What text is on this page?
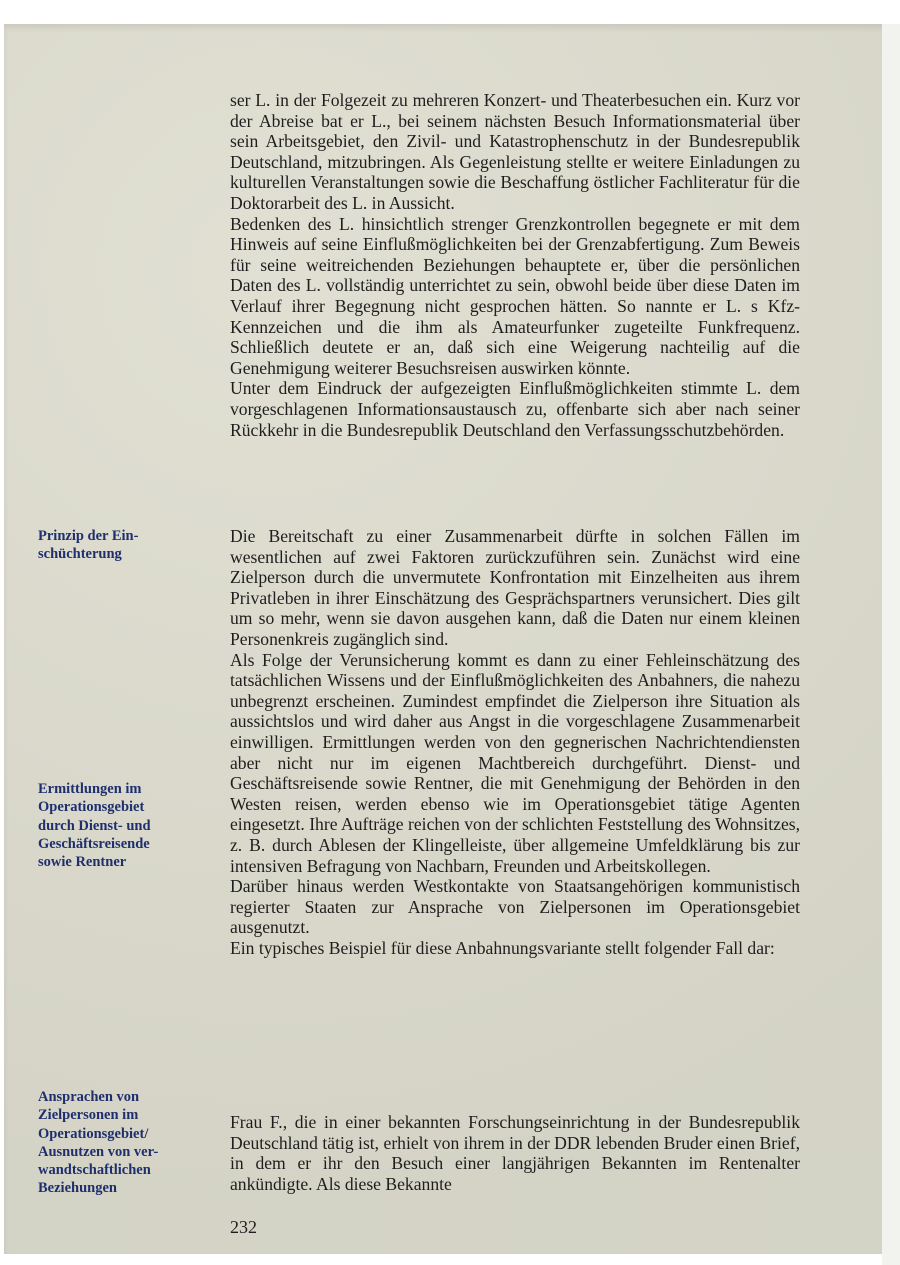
ser L. in der Folgezeit zu mehreren Konzert- und Theaterbesuchen ein. Kurz vor der Abreise bat er L., bei seinem nächsten Besuch Informationsmaterial über sein Arbeitsgebiet, den Zivil- und Katastrophenschutz in der Bundesrepublik Deutschland, mitzubringen. Als Gegenleistung stellte er weitere Einladungen zu kulturellen Veranstaltungen sowie die Beschaffung östlicher Fachliteratur für die Doktorarbeit des L. in Aussicht.

Bedenken des L. hinsichtlich strenger Grenzkontrollen begegnete er mit dem Hinweis auf seine Einflußmöglichkeiten bei der Grenzabfertigung. Zum Beweis für seine weitreichenden Beziehungen behauptete er, über die persönlichen Daten des L. vollständig unterrichtet zu sein, obwohl beide über diese Daten im Verlauf ihrer Begegnung nicht gesprochen hätten. So nannte er L. s Kfz-Kennzeichen und die ihm als Amateurfunker zugeteilte Funkfrequenz. Schließlich deutete er an, daß sich eine Weigerung nachteilig auf die Genehmigung weiterer Besuchsreisen auswirken könnte.

Unter dem Eindruck der aufgezeigten Einflußmöglichkeiten stimmte L. dem vorgeschlagenen Informationsaustausch zu, offenbarte sich aber nach seiner Rückkehr in die Bundesrepublik Deutschland den Verfassungsschutzbehörden.

Die Bereitschaft zu einer Zusammenarbeit dürfte in solchen Fällen im wesentlichen auf zwei Faktoren zurückzuführen sein. Zunächst wird eine Zielperson durch die unvermutete Konfrontation mit Einzelheiten aus ihrem Privatleben in ihrer Einschätzung des Gesprächspartners verunsichert. Dies gilt um so mehr, wenn sie davon ausgehen kann, daß die Daten nur einem kleinen Personenkreis zugänglich sind.

Als Folge der Verunsicherung kommt es dann zu einer Fehleinschätzung des tatsächlichen Wissens und der Einflußmöglichkeiten des Anbahners, die nahezu unbegrenzt erscheinen. Zumindest empfindet die Zielperson ihre Situation als aussichtslos und wird daher aus Angst in die vorgeschlagene Zusammenarbeit einwilligen. Ermittlungen werden von den gegnerischen Nachrichtendiensten aber nicht nur im eigenen Machtbereich durchgeführt. Dienst- und Geschäftsreisende sowie Rentner, die mit Genehmigung der Behörden in den Westen reisen, werden ebenso wie im Operationsgebiet tätige Agenten eingesetzt. Ihre Aufträge reichen von der schlichten Feststellung des Wohnsitzes, z. B. durch Ablesen der Klingelleiste, über allgemeine Umfeldklärung bis zur intensiven Befragung von Nachbarn, Freunden und Arbeitskollegen.

Darüber hinaus werden Westkontakte von Staatsangehörigen kommunistisch regierter Staaten zur Ansprache von Zielpersonen im Operationsgebiet ausgenutzt.

Ein typisches Beispiel für diese Anbahnungsvariante stellt folgender Fall dar:

Frau F., die in einer bekannten Forschungseinrichtung in der Bundesrepublik Deutschland tätig ist, erhielt von ihrem in der DDR lebenden Bruder einen Brief, in dem er ihr den Besuch einer langjährigen Bekannten im Rentenalter ankündigte. Als diese Bekannte

Prinzip der Ein-
schüchterung
Ermittlungen im
Operationsgebiet
durch Dienst- und
Geschäftsreisende
sowie Rentner
Ansprachen von
Zielpersonen im
Operationsgebiet/
Ausnutzen von ver-
wandtschaftlichen
Beziehungen
232
